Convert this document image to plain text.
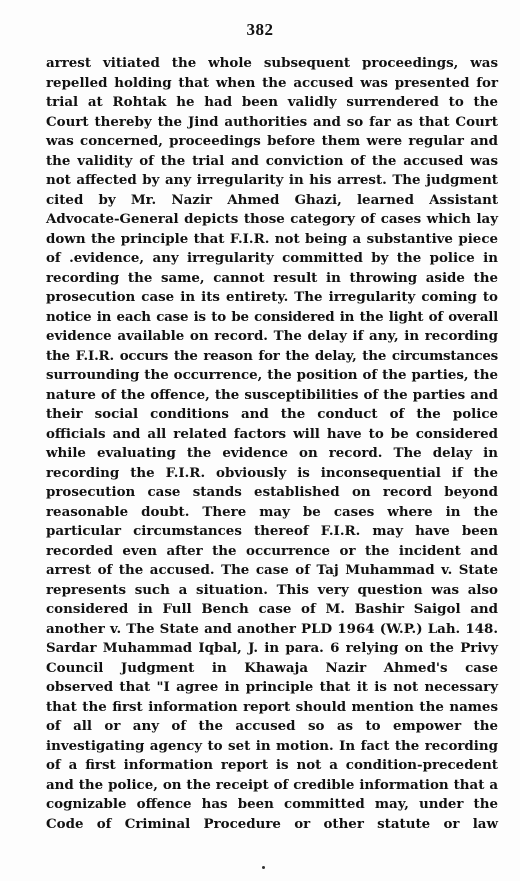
382
arrest vitiated the whole subsequent proceedings, was
repelled holding that when the accused was presented for
trial at Rohtak he had been validly surrendered to the
Court thereby the Jind authorities and so far as that Court
was concerned, proceedings before them were regular and
the validity of the trial and conviction of the accused was
not affected by any irregularity in his arrest. The judgment
cited by Mr. Nazir Ahmed Ghazi, learned Assistant
Advocate-General depicts those category of cases which lay
down the principle that F.I.R. not being a substantive piece
of .evidence, any irregularity committed by the police in
recording the same, cannot result in throwing aside the
prosecution case in its entirety. The irregularity coming to
notice in each case is to be considered in the light of overall
evidence available on record. The delay if any, in recording
the F.I.R. occurs the reason for the delay, the circumstances
surrounding the occurrence, the position of the parties, the
nature of the offence, the susceptibilities of the parties and
their social conditions and the conduct of the police
officials and all related factors will have to be considered
while evaluating the evidence on record. The delay in
recording the F.I.R. obviously is inconsequential if the
prosecution case stands established on record beyond
reasonable doubt. There may be cases where in the
particular circumstances thereof F.I.R. may have been
recorded even after the occurrence or the incident and
arrest of the accused. The case of Taj Muhammad v. State
represents such a situation. This very question was also
considered in Full Bench case of M. Bashir Saigol and
another v. The State and another PLD 1964 (W.P.) Lah. 148.
Sardar Muhammad Iqbal, J. in para. 6 relying on the Privy
Council Judgment in Khawaja Nazir Ahmed's case
observed that "I agree in principle that it is not necessary
that the first information report should mention the names
of all or any of the accused so as to empower the
investigating agency to set in motion. In fact the recording
of a first information report is not a condition-precedent
and the police, on the receipt of credible information that a
cognizable offence has been committed may, under the
Code of Criminal Procedure or other statute or law
